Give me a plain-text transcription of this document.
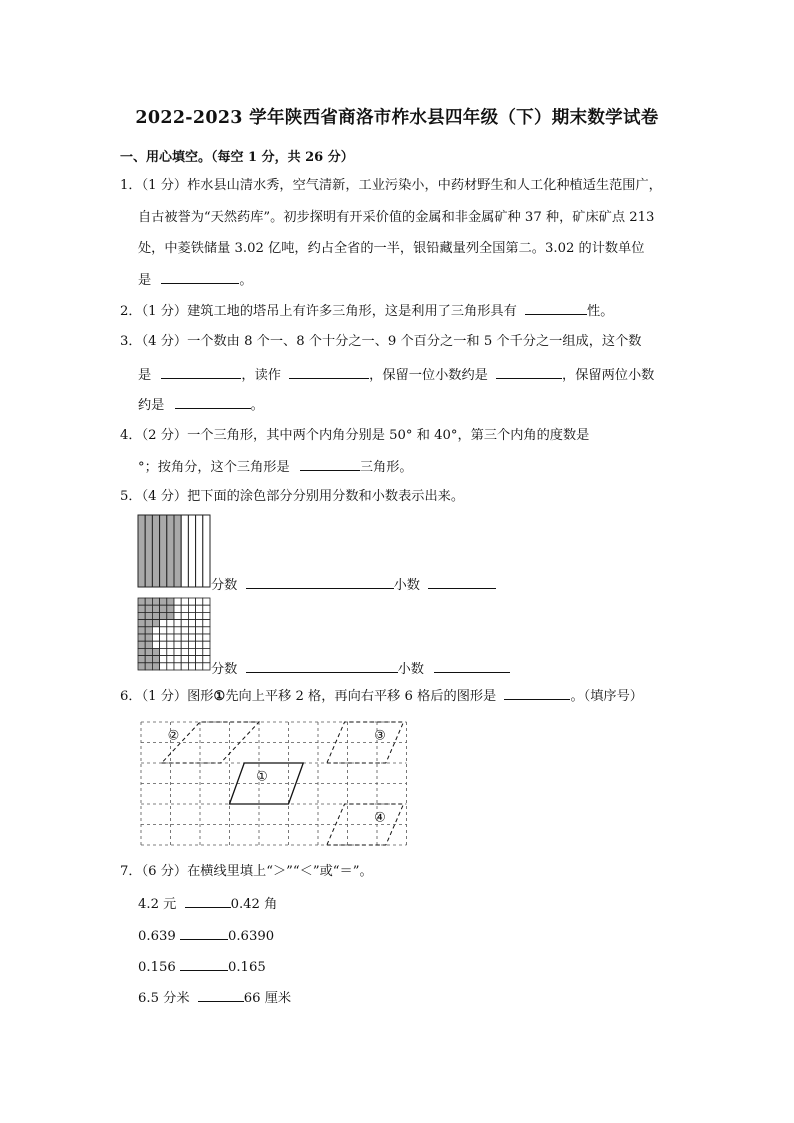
2022-2023 学年陕西省商洛市柞水县四年级（下）期末数学试卷
一、用心填空。（每空 1 分，共 26 分）
1．（1 分）柞水县山清水秀，空气清新，工业污染小，中药材野生和人工化种植适生范围广，
自古被誉为“天然药库”。初步探明有开采价值的金属和非金属矿种 37 种，矿床矿点 213
处，中菱铁储量 3.02 亿吨，约占全省的一半，银铅藏量列全国第二。3.02 的计数单位
是	。
2．（1 分）建筑工地的塔吊上有许多三角形，这是利用了三角形具有	性。
3．（4 分）一个数由 8 个一、8 个十分之一、9 个百分之一和 5 个千分之一组成，这个数
是	，读作	，保留一位小数约是	，保留两位小数
约是	。
4．（2 分）一个三角形，其中两个内角分别是 50° 和 40°，第三个内角的度数是
°；按角分，这个三角形是	三角形。
5．（4 分）把下面的涂色部分分别用分数和小数表示出来。
分数	小数
分数	小数
6．（1 分）图形①先向上平移 2 格，再向右平移 6 格后的图形是	。（填序号）
②
①
③
④
7．（6 分）在横线里填上“＞”“＜”或“＝”。
4.2 元	0.42 角
0.639	0.6390
0.156	0.165
6.5 分米	66 厘米
